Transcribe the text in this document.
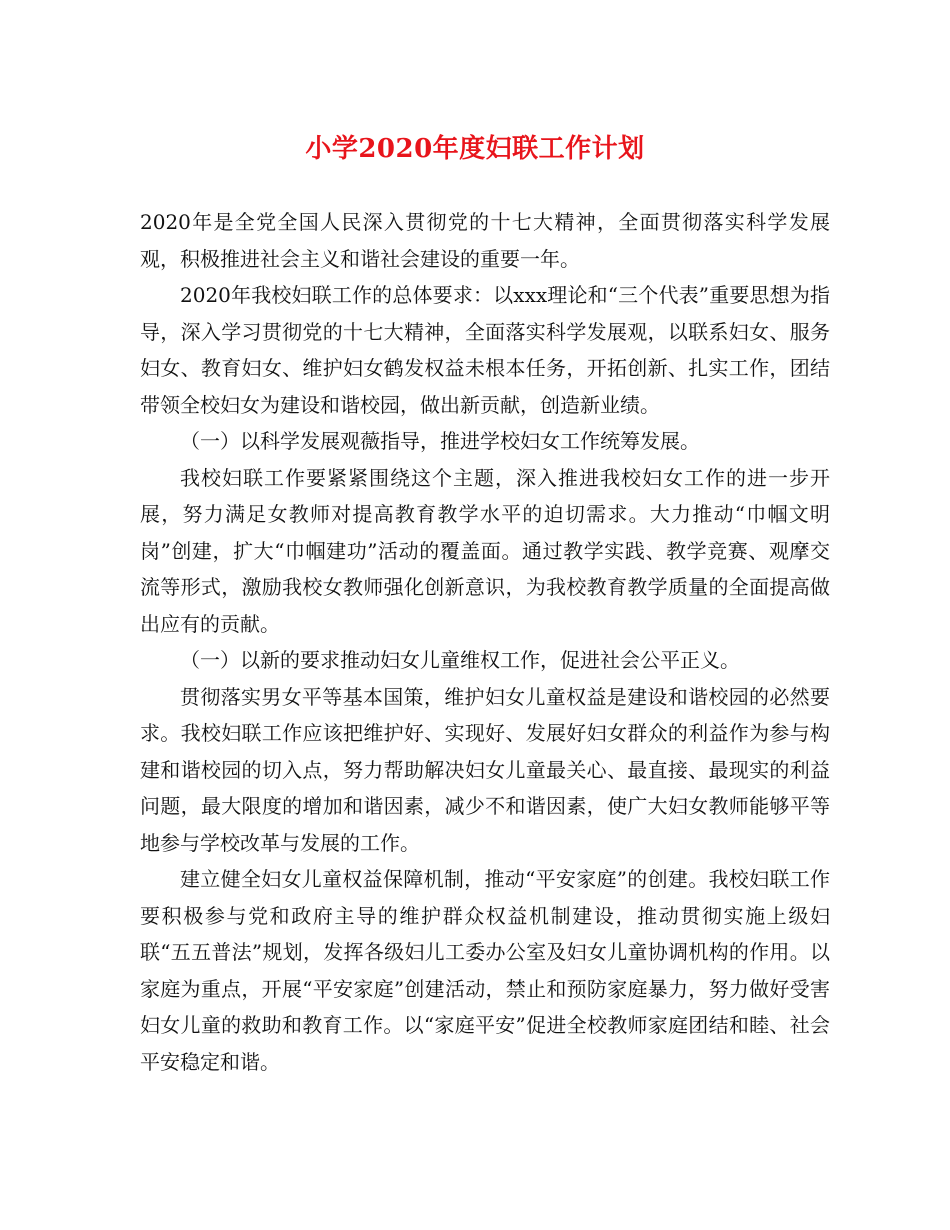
小学2020年度妇联工作计划

2020年是全党全国人民深入贯彻党的十七大精神，全面贯彻落实科学发展观，积极推进社会主义和谐社会建设的重要一年。

2020年我校妇联工作的总体要求：以xxx理论和“三个代表”重要思想为指导，深入学习贯彻党的十七大精神，全面落实科学发展观，以联系妇女、服务妇女、教育妇女、维护妇女鹤发权益未根本任务，开拓创新、扎实工作，团结带领全校妇女为建设和谐校园，做出新贡献，创造新业绩。

（一）以科学发展观薇指导，推进学校妇女工作统筹发展。

我校妇联工作要紧紧围绕这个主题，深入推进我校妇女工作的进一步开展，努力满足女教师对提高教育教学水平的迫切需求。大力推动“巾帼文明岗”创建，扩大“巾帼建功”活动的覆盖面。通过教学实践、教学竞赛、观摩交流等形式，激励我校女教师强化创新意识，为我校教育教学质量的全面提高做出应有的贡献。

（一）以新的要求推动妇女儿童维权工作，促进社会公平正义。

贯彻落实男女平等基本国策，维护妇女儿童权益是建设和谐校园的必然要求。我校妇联工作应该把维护好、实现好、发展好妇女群众的利益作为参与构建和谐校园的切入点，努力帮助解决妇女儿童最关心、最直接、最现实的利益问题，最大限度的增加和谐因素，减少不和谐因素，使广大妇女教师能够平等地参与学校改革与发展的工作。

建立健全妇女儿童权益保障机制，推动“平安家庭”的创建。我校妇联工作要积极参与党和政府主导的维护群众权益机制建设，推动贯彻实施上级妇联“五五普法”规划，发挥各级妇儿工委办公室及妇女儿童协调机构的作用。以家庭为重点，开展“平安家庭”创建活动，禁止和预防家庭暴力，努力做好受害妇女儿童的救助和教育工作。以“家庭平安”促进全校教师家庭团结和睦、社会平安稳定和谐。
